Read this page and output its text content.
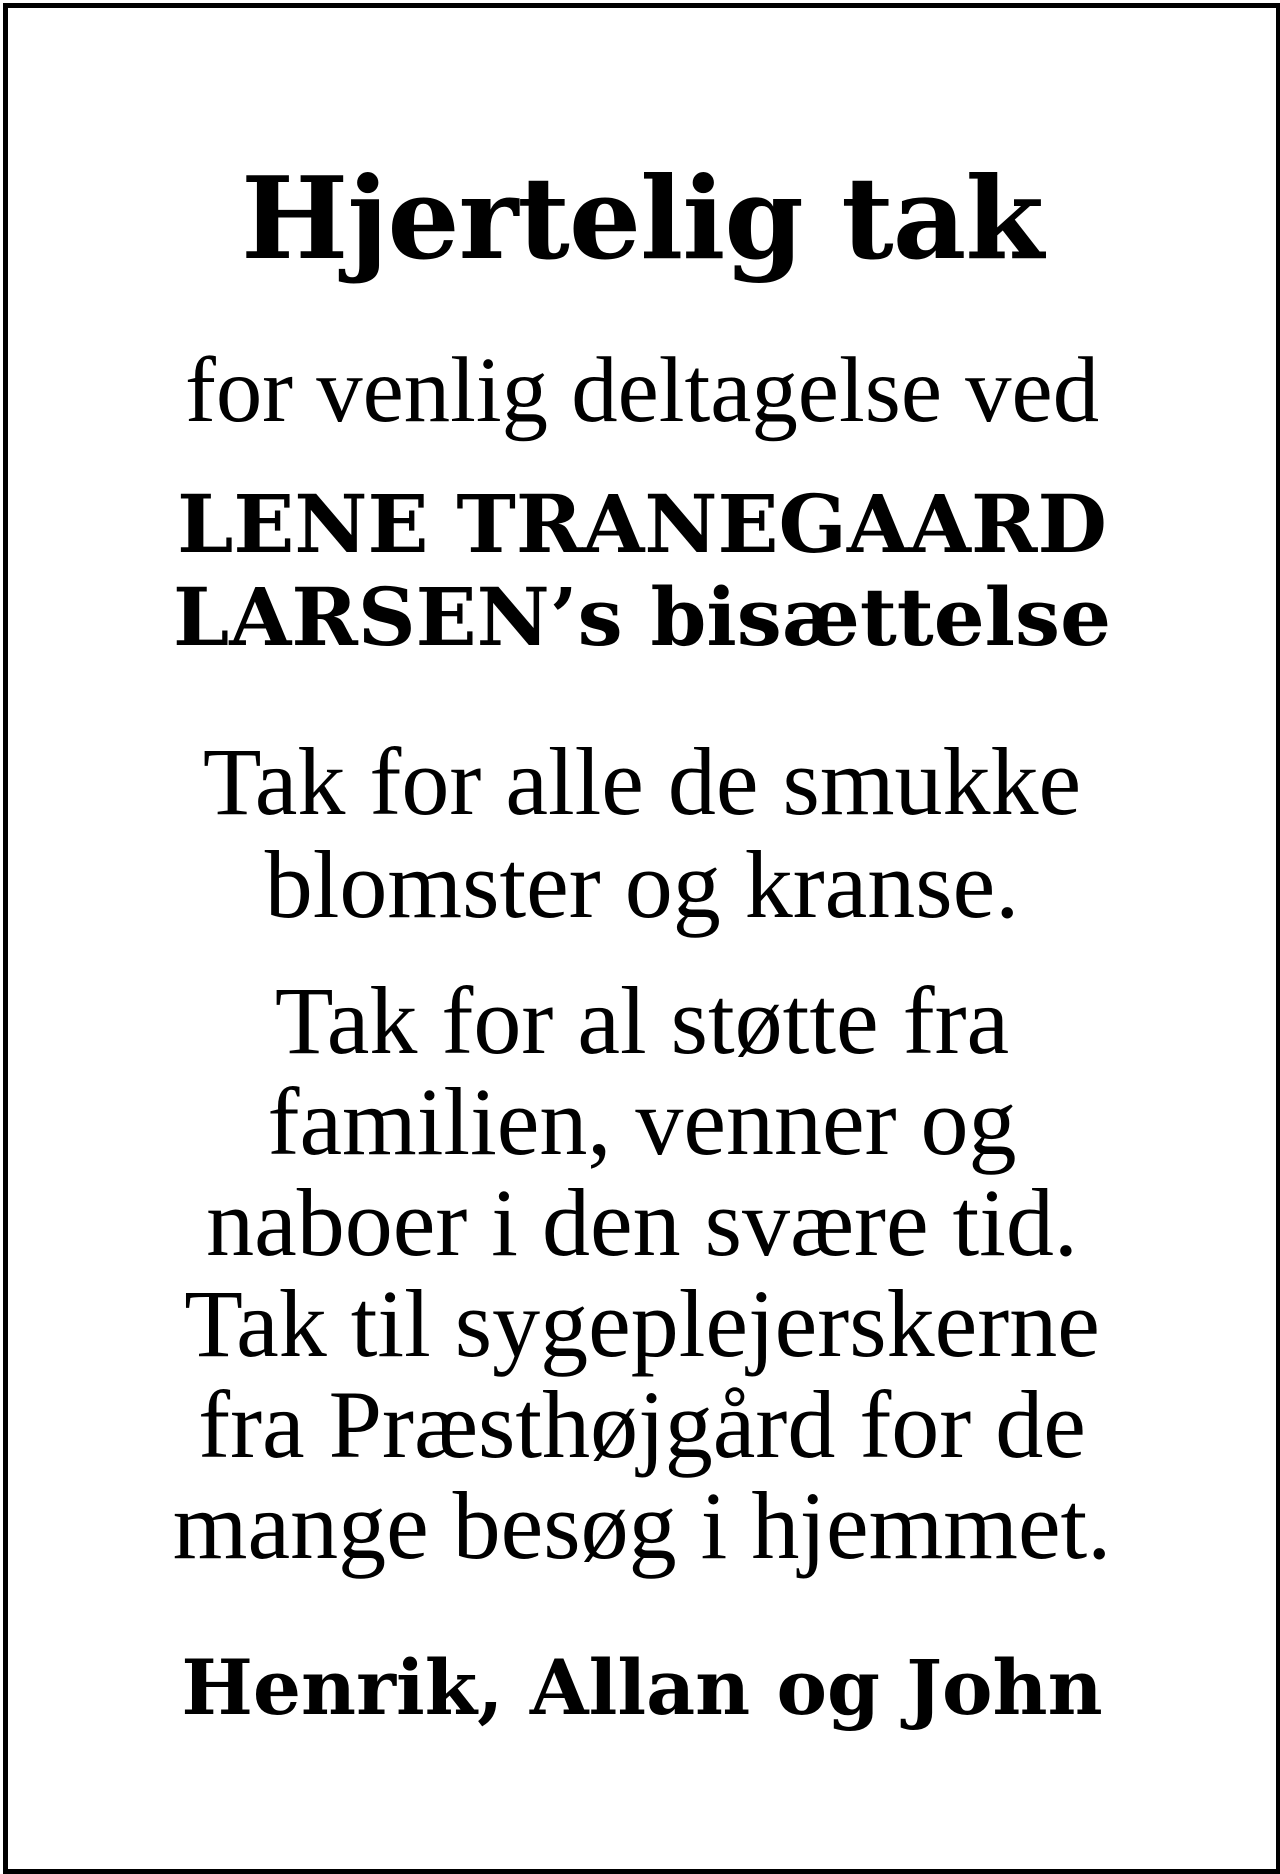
Hjertelig tak
for venlig deltagelse ved
LENE TRANEGAARD
LARSEN’s bisættelse
Tak for alle de smukke
blomster og kranse.
Tak for al støtte fra
familien, venner og
naboer i den svære tid.
Tak til sygeplejerskerne
fra Præsthøjgård for de
mange besøg i hjemmet.
Henrik, Allan og John
